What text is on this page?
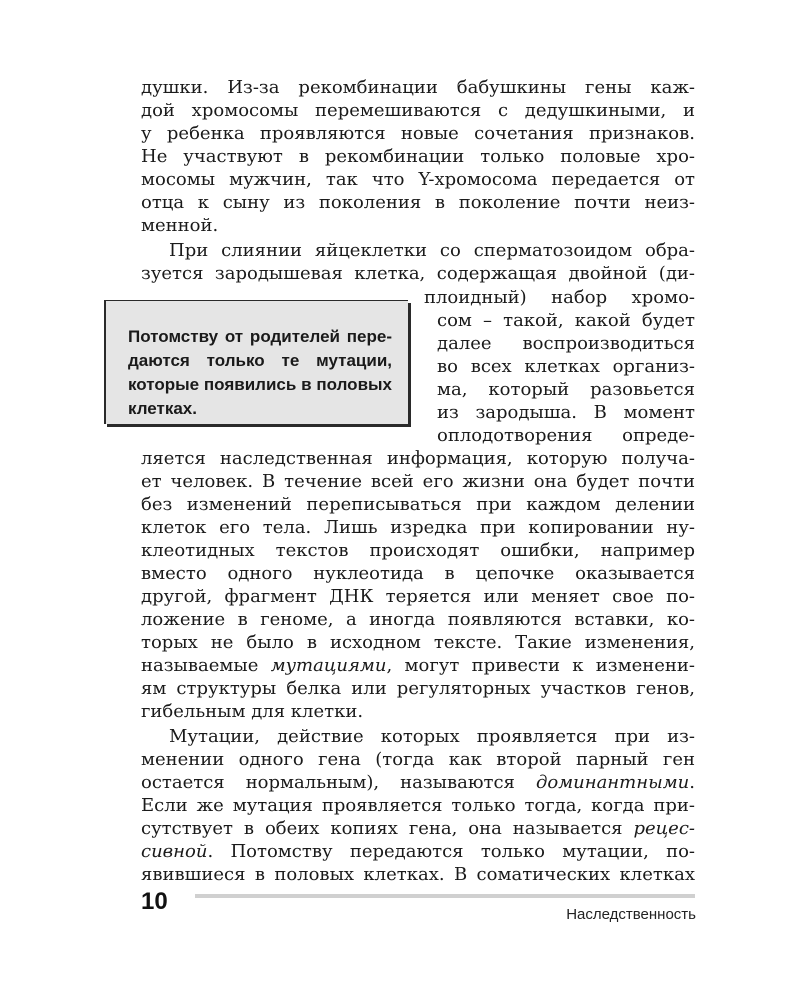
душки. Из-за рекомбинации бабушкины гены каж-
дой хромосомы перемешиваются с дедушкиными, и
у ребенка проявляются новые сочетания признаков.
Не участвуют в рекомбинации только половые хро-
мосомы мужчин, так что Y-хромосома передается от
отца к сыну из поколения в поколение почти неиз-
менной.
При слиянии яйцеклетки со сперматозоидом обра-
зуется зародышевая клетка, содержащая двойной (ди-
плоидный) набор хромо-
сом – такой, какой будет
далее воспроизводиться
во всех клетках организ-
ма, который разовьется
из зародыша. В момент
оплодотворения опреде-
ляется наследственная информация, которую получа-
ет человек. В течение всей его жизни она будет почти
без изменений переписываться при каждом делении
клеток его тела. Лишь изредка при копировании ну-
клеотидных текстов происходят ошибки, например
вместо одного нуклеотида в цепочке оказывается
другой, фрагмент ДНК теряется или меняет свое по-
ложение в геноме, а иногда появляются вставки, ко-
торых не было в исходном тексте. Такие изменения,
называемые мутациями, могут привести к изменени-
ям структуры белка или регуляторных участков генов,
гибельным для клетки.
Мутации, действие которых проявляется при из-
менении одного гена (тогда как второй парный ген
остается нормальным), называются доминантными.
Если же мутация проявляется только тогда, когда при-
сутствует в обеих копиях гена, она называется рецес-
сивной. Потомству передаются только мутации, по-
явившиеся в половых клетках. В соматических клетках
Потомству от родителей пере-
даются только те мутации,
которые появились в половых
клетках.
10	Наследственность
